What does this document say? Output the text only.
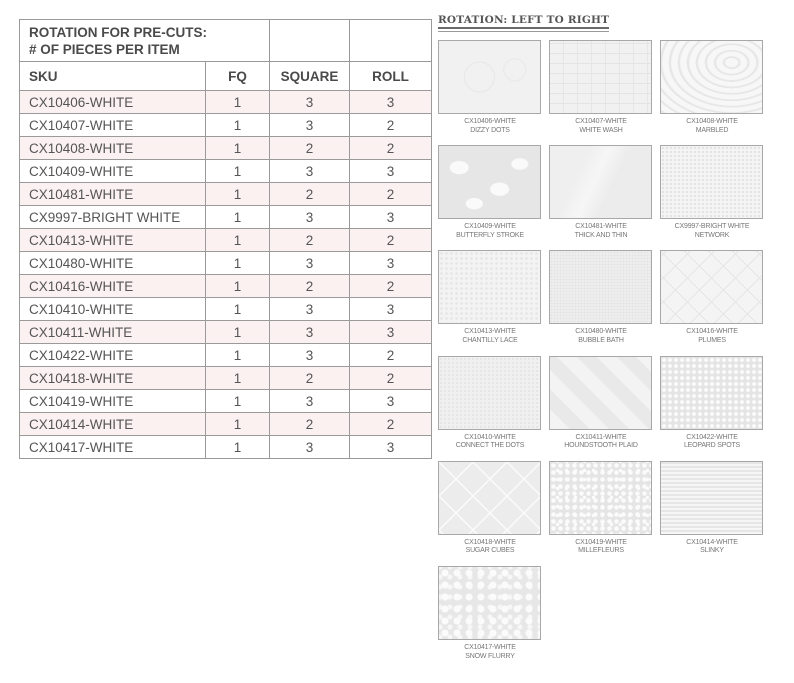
ROTATION FOR PRE-CUTS:
# OF PIECES PER ITEM			

SKU	FQ	SQUARE	ROLL
CX10406-WHITE	1	3	3
CX10407-WHITE	1	3	2
CX10408-WHITE	1	2	2
CX10409-WHITE	1	3	3
CX10481-WHITE	1	2	2
CX9997-BRIGHT WHITE	1	3	3
CX10413-WHITE	1	2	2
CX10480-WHITE	1	3	3
CX10416-WHITE	1	2	2
CX10410-WHITE	1	3	3
CX10411-WHITE	1	3	3
CX10422-WHITE	1	3	2
CX10418-WHITE	1	2	2
CX10419-WHITE	1	3	3
CX10414-WHITE	1	2	2
CX10417-WHITE	1	3	3
ROTATION: LEFT TO RIGHT
CX10406-WHITE
DIZZY DOTS
CX10407-WHITE
WHITE WASH
CX10408-WHITE
MARBLED
CX10409-WHITE
BUTTERFLY STROKE
CX10481-WHITE
THICK AND THIN
CX9997-BRIGHT WHITE
NETWORK
CX10413-WHITE
CHANTILLY LACE
CX10480-WHITE
BUBBLE BATH
CX10416-WHITE
PLUMES
CX10410-WHITE
CONNECT THE DOTS
CX10411-WHITE
HOUNDSTOOTH PLAID
CX10422-WHITE
LEOPARD SPOTS
CX10418-WHITE
SUGAR CUBES
CX10419-WHITE
MILLEFLEURS
CX10414-WHITE
SLINKY
CX10417-WHITE
SNOW FLURRY
